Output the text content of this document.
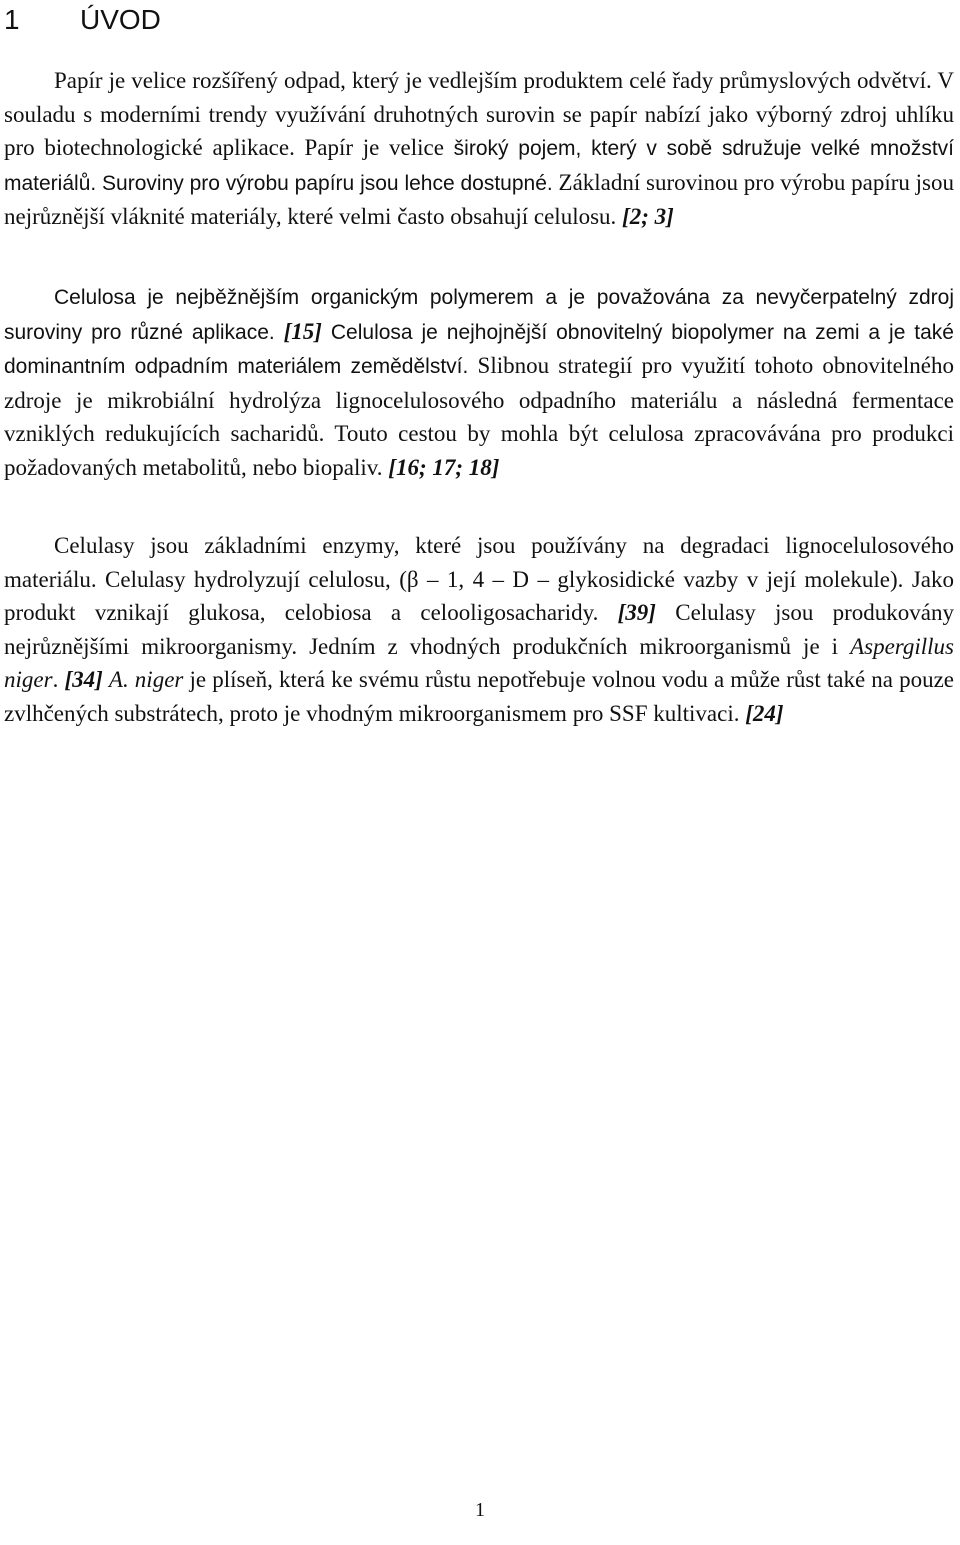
1 ÚVOD

Papír je velice rozšířený odpad, který je vedlejším produktem celé řady průmyslových odvětví. V souladu s moderními trendy využívání druhotných surovin se papír nabízí jako výborný zdroj uhlíku pro biotechnologické aplikace. Papír je velice široký pojem, který v sobě sdružuje velké množství materiálů. Suroviny pro výrobu papíru jsou lehce dostupné. Základní surovinou pro výrobu papíru jsou nejrůznější vláknité materiály, které velmi často obsahují celulosu. [2; 3]

Celulosa je nejběžnějším organickým polymerem a je považována za nevyčerpatelný zdroj suroviny pro různé aplikace. [15] Celulosa je nejhojnější obnovitelný biopolymer na zemi a je také dominantním odpadním materiálem zemědělství. Slibnou strategií pro využití tohoto obnovitelného zdroje je mikrobiální hydrolýza lignocelulosového odpadního materiálu a následná fermentace vzniklých redukujících sacharidů. Touto cestou by mohla být celulosa zpracovávána pro produkci požadovaných metabolitů, nebo biopaliv. [16; 17; 18]

Celulasy jsou základními enzymy, které jsou používány na degradaci lignocelulosového materiálu. Celulasy hydrolyzují celulosu, (β – 1, 4 – D – glykosidické vazby v její molekule). Jako produkt vznikají glukosa, celobiosa a celooligosacharidy. [39] Celulasy jsou produkovány nejrůznějšími mikroorganismy. Jedním z vhodných produkčních mikroorganismů je i Aspergillus niger. [34] A. niger je plíseň, která ke svému růstu nepotřebuje volnou vodu a může růst také na pouze zvlhčených substrátech, proto je vhodným mikroorganismem pro SSF kultivaci. [24]

1
